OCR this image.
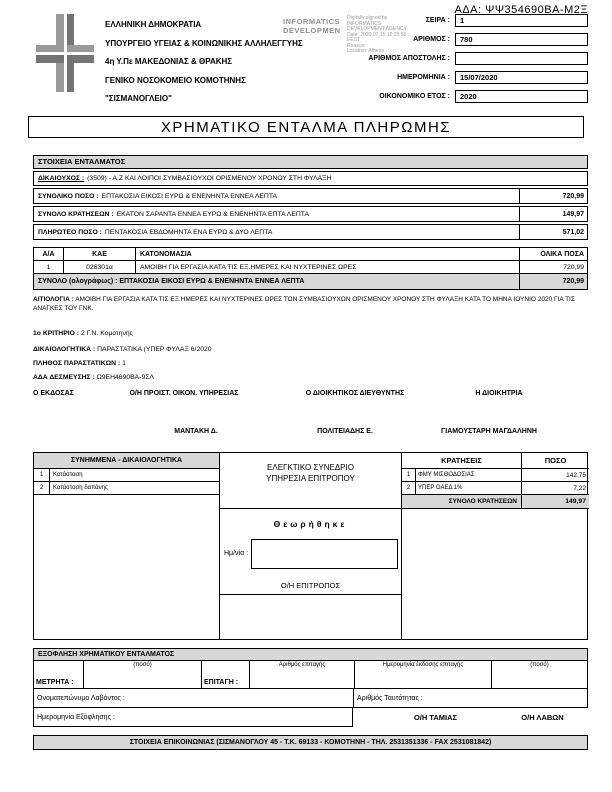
ΑΔΑ: ΨΨ354690ΒΑ-Μ2Ξ
ΕΛΛΗΝΙΚΗ ΔΗΜΟΚΡΑΤΙΑ
ΥΠΟΥΡΓΕΙΟ ΥΓΕΙΑΣ & ΚΟΙΝΩΝΙΚΗΣ ΑΛΛΗΛΕΓΓΥΗΣ
4η Υ.Πε ΜΑΚΕΔΟΝΙΑΣ & ΘΡΑΚΗΣ
ΓΕΝΙΚΟ ΝΟΣΟΚΟΜΕΙΟ ΚΟΜΟΤΗΝΗΣ
"ΣΙΣΜΑΝΟΓΛΕΙΟ"
INFORMATICS
DEVELOPMEN
Digitally signed by
INFORMATICS
DEVELOPMENT AGENCY
Date: 2020.07.15 12:25:58
EEST
Reason:
Location: Athens
ΣΕΙΡΑ :	1
ΑΡΙΘΜΟΣ :	780
ΑΡΙΘΜΟΣ ΑΠΟΣΤΟΛΗΣ :
ΗΜΕΡΟΜΗΝΙΑ :	15/07/2020
ΟΙΚΟΝΟΜΙΚΟ ΕΤΟΣ :	2020
ΧΡΗΜΑΤΙΚΟ ΕΝΤΑΛΜΑ ΠΛΗΡΩΜΗΣ
ΣΤΟΙΧΕΙΑ ΕΝΤΑΛΜΑΤΟΣ
ΔΙΚΑΙΟΥΧΟΣ : (3509) - Α.Ζ ΚΑΙ ΛΟΙΠΟΙ ΣΥΜΒΑΣΙΟΥΧΟΙ ΟΡΙΣΜΕΝΟΥ ΧΡΟΝΟΥ ΣΤΗ ΦΥΛΑΞΗ
ΣΥΝΟΛΙΚΟ ΠΟΣΟ : ΕΠΤΑΚΟΣΙΑ ΕΙΚΟΣΙ ΕΥΡΩ & ΕΝΕΝΗΝΤΑ ΕΝΝΕΑ ΛΕΠΤΑ	720,99
ΣΥΝΟΛΟ ΚΡΑΤΗΣΕΩΝ : ΕΚΑΤΟΝ ΣΑΡΑΝΤΑ ΕΝΝΕΑ ΕΥΡΩ & ΕΝΕΝΗΝΤΑ ΕΠΤΑ ΛΕΠΤΑ	149,97
ΠΛΗΡΩΤΕΟ ΠΟΣΟ : ΠΕΝΤΑΚΟΣΙΑ ΕΒΔΟΜΗΝΤΑ ΕΝΑ ΕΥΡΩ & ΔΥΟ ΛΕΠΤΑ	571,02
Α/Α	ΚΑΕ	ΚΑΤΟΝΟΜΑΣΙΑ	ΟΛΙΚΑ ΠΟΣΑ
1	026301α	ΑΜΟΙΒΗ ΓΙΑ ΕΡΓΑΣΙΑ ΚΑΤΑ ΤΙΣ ΕΞ.ΗΜΕΡΕΣ ΚΑΙ ΝΥΧΤΕΡΙΝΕΣ ΩΡΕΣ	720,99
ΣΥΝΟΛΟ (ολογράφως) :
ΕΠΤΑΚΟΣΙΑ ΕΙΚΟΣΙ ΕΥΡΩ & ΕΝΕΝΗΝΤΑ ΕΝΝΕΑ ΛΕΠΤΑ	720,99
ΑΙΤΙΟΛΟΓΙΑ : ΑΜΟΙΒΗ ΓΙΑ ΕΡΓΑΣΙΑ ΚΑΤΑ ΤΙΣ ΕΞ.ΗΜΕΡΕΣ ΚΑΙ ΝΥΧΤΕΡΙΝΕΣ ΩΡΕΣ ΤΩΝ ΣΥΜΒΑΣΙΟΥΧΩΝ ΟΡΙΣΜΕΝΟΥ ΧΡΟΝΟΥ ΣΤΗ ΦΥΛΑΞΗ ΚΑΤΑ ΤΟ ΜΗΝΑ ΙΟΥΝΙΟ 2020 ΓΙΑ ΤΙΣ ΑΝΑΓΚΕΣ ΤΟΥ ΓΝΚ.
1ο ΚΡΙΤΗΡΙΟ : 2 Γ.Ν. Κομοτηνής
ΔΙΚΑΙΟΛΟΓΗΤΙΚΑ : ΠΑΡΑΣΤΑΤΙΚΑ (ΥΠΕΡ ΦΥΛΑΞ 6/2020
ΠΛΗΘΟΣ ΠΑΡΑΣΤΑΤΙΚΩΝ : 1
ΑΔΑ ΔΕΣΜΕΥΣΗΣ : Ω9ΕΗ4690ΒΑ-9ΣΛ
Ο ΕΚΔΟΣΑΣ	Ο/Η ΠΡΟΙΣΤ. ΟΙΚΟΝ. ΥΠΗΡΕΣΙΑΣ	Ο ΔΙΟΙΚΗΤΙΚΟΣ ΔΙΕΥΘΥΝΤΗΣ	Η ΔΙΟΙΚΗΤΡΙΑ
ΜΑΝΤΑΚΗ Δ.	ΠΟΛΙΤΕΙΑΔΗΣ Ε.	ΓΙΑΜΟΥΣΤΑΡΗ ΜΑΓΔΑΛΗΝΗ
ΣΥΝΗΜΜΕΝΑ - ΔΙΚΑΙΟΛΟΓΗΤΙΚΑ
1	Κατάσταση
2	Κατάσταση δαπάνης
ΕΛΕΓΚΤΙΚΟ ΣΥΝΕΔΡΙΟ
ΥΠΗΡΕΣΙΑ ΕΠΙΤΡΟΠΟΥ
Θεωρήθηκε
Ημ/νία :
Ο/Η ΕΠΙΤΡΟΠΟΣ
ΚΡΑΤΗΣΕΙΣ	ΠΟΣΟ
1	ΦΜΥ ΜΙΣΘΟΔΟΣΙΑΣ	142,75
2	ΥΠΕΡ ΟΑΕΔ 1%	7,22
ΣΥΝΟΛΟ ΚΡΑΤΗΣΕΩΝ	149,97
ΕΞΟΦΛΗΣΗ ΧΡΗΜΑΤΙΚΟΥ ΕΝΤΑΛΜΑΤΟΣ
ΜΕΤΡΗΤΑ :
(ποσό)
ΕΠΙΤΑΓΗ :
Αριθμός επιταγής	Ημερομηνία έκδοσης επιταγής	(ποσό)
Ονοματεπώνυμο Λαβόντος :	Αριθμός Ταυτότητας :
Ημερομηνία Εξόφλησης :	Ο/Η ΤΑΜΙΑΣ	Ο/Η ΛΑΒΩΝ
ΣΤΟΙΧΕΙΑ ΕΠΙΚΟΙΝΩΝΙΑΣ (ΣΙΣΜΑΝΟΓΛΟΥ 45 - Τ.Κ. 69133 - ΚΟΜΟΤΗΝΗ - ΤΗΛ. 2531351336 - FAX 2531081842)
